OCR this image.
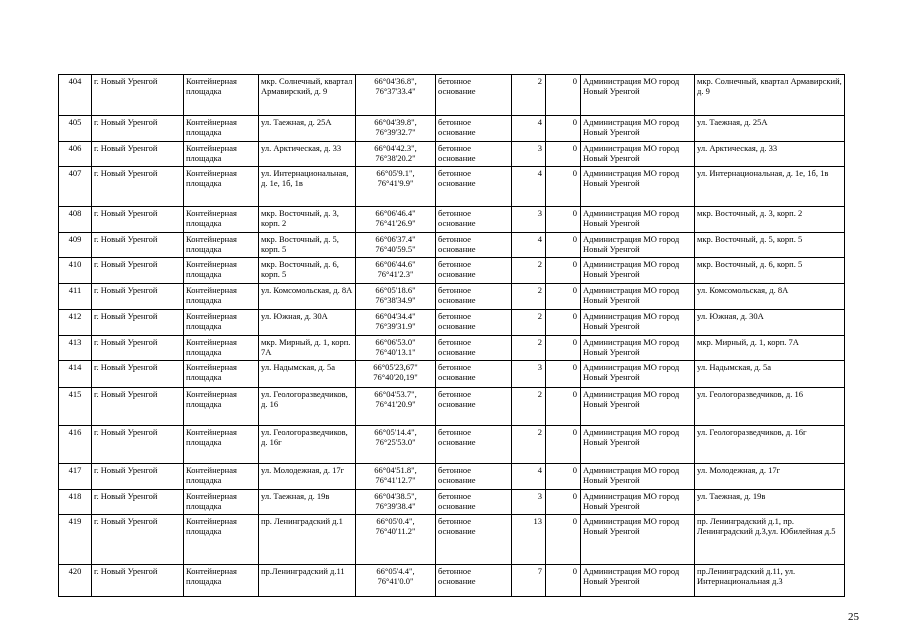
404	г. Новый Уренгой	Контейнерная площадка	мкр. Солнечный, квартал Армавирский, д. 9	66°04'36.8", 76°37'33.4"	бетонное основание	2	0	Администрация МО город Новый Уренгой	мкр. Солнечный, квартал Армавирский, д. 9
405	г. Новый Уренгой	Контейнерная площадка	ул. Таежная, д. 25А	66°04'39.8", 76°39'32.7"	бетонное основание	4	0	Администрация МО город Новый Уренгой	ул. Таежная, д. 25А
406	г. Новый Уренгой	Контейнерная площадка	ул. Арктическая, д. 33	66°04'42.3", 76°38'20.2"	бетонное основание	3	0	Администрация МО город Новый Уренгой	ул. Арктическая, д. 33
407	г. Новый Уренгой	Контейнерная площадка	ул. Интернациональная, д. 1е, 1б, 1в	66°05'9.1", 76°41'9.9"	бетонное основание	4	0	Администрация МО город Новый Уренгой	ул. Интернациональная, д. 1е, 1б, 1в
408	г. Новый Уренгой	Контейнерная площадка	мкр. Восточный, д. 3, корп. 2	66°06'46.4" 76°41'26.9"	бетонное основание	3	0	Администрация МО город Новый Уренгой	мкр. Восточный, д. 3, корп. 2
409	г. Новый Уренгой	Контейнерная площадка	мкр. Восточный, д. 5, корп. 5	66°06'37.4" 76°40'59.5"	бетонное основание	4	0	Администрация МО город Новый Уренгой	мкр. Восточный, д. 5, корп. 5
410	г. Новый Уренгой	Контейнерная площадка	мкр. Восточный, д. 6, корп. 5	66°06'44.6" 76°41'2.3"	бетонное основание	2	0	Администрация МО город Новый Уренгой	мкр. Восточный, д. 6, корп. 5
411	г. Новый Уренгой	Контейнерная площадка	ул. Комсомольская, д. 8А	66°05'18.6" 76°38'34.9"	бетонное основание	2	0	Администрация МО город Новый Уренгой	ул. Комсомольская, д. 8А
412	г. Новый Уренгой	Контейнерная площадка	ул. Южная, д. 30А	66°04'34.4" 76°39'31.9"	бетонное основание	2	0	Администрация МО город Новый Уренгой	ул. Южная, д. 30А
413	г. Новый Уренгой	Контейнерная площадка	мкр. Мирный, д. 1, корп. 7А	66°06'53.0" 76°40'13.1"	бетонное основание	2	0	Администрация МО город Новый Уренгой	мкр. Мирный, д. 1, корп. 7А
414	г. Новый Уренгой	Контейнерная площадка	ул. Надымская, д. 5а	66°05'23,67" 76°40'20,19"	бетонное основание	3	0	Администрация МО город Новый Уренгой	ул. Надымская, д. 5а
415	г. Новый Уренгой	Контейнерная площадка	ул. Геологоразведчиков, д. 16	66°04'53.7", 76°41'20.9"	бетонное основание	2	0	Администрация МО город Новый Уренгой	ул. Геологоразведчиков, д. 16
416	г. Новый Уренгой	Контейнерная площадка	ул. Геологоразведчиков, д. 16г	66°05'14.4", 76°25'53.0"	бетонное основание	2	0	Администрация МО город Новый Уренгой	ул. Геологоразведчиков, д. 16г
417	г. Новый Уренгой	Контейнерная площадка	ул. Молодежная, д. 17г	66°04'51.8", 76°41'12.7"	бетонное основание	4	0	Администрация МО город Новый Уренгой	ул. Молодежная, д. 17г
418	г. Новый Уренгой	Контейнерная площадка	ул. Таежная, д. 19в	66°04'38.5", 76°39'38.4"	бетонное основание	3	0	Администрация МО город Новый Уренгой	ул. Таежная, д. 19в
419	г. Новый Уренгой	Контейнерная площадка	пр. Ленинградский д.1	66°05'0.4", 76°40'11.2"	бетонное основание	13	0	Администрация МО город Новый Уренгой	пр. Ленинградский д.1, пр. Ленинградский д.3,ул. Юбилейная д.5
420	г. Новый Уренгой	Контейнерная площадка	пр.Ленинградский д.11	66°05'4.4", 76°41'0.0"	бетонное основание	7	0	Администрация МО город Новый Уренгой	пр.Ленинградский д.11, ул. Интернациональная д.3
25
